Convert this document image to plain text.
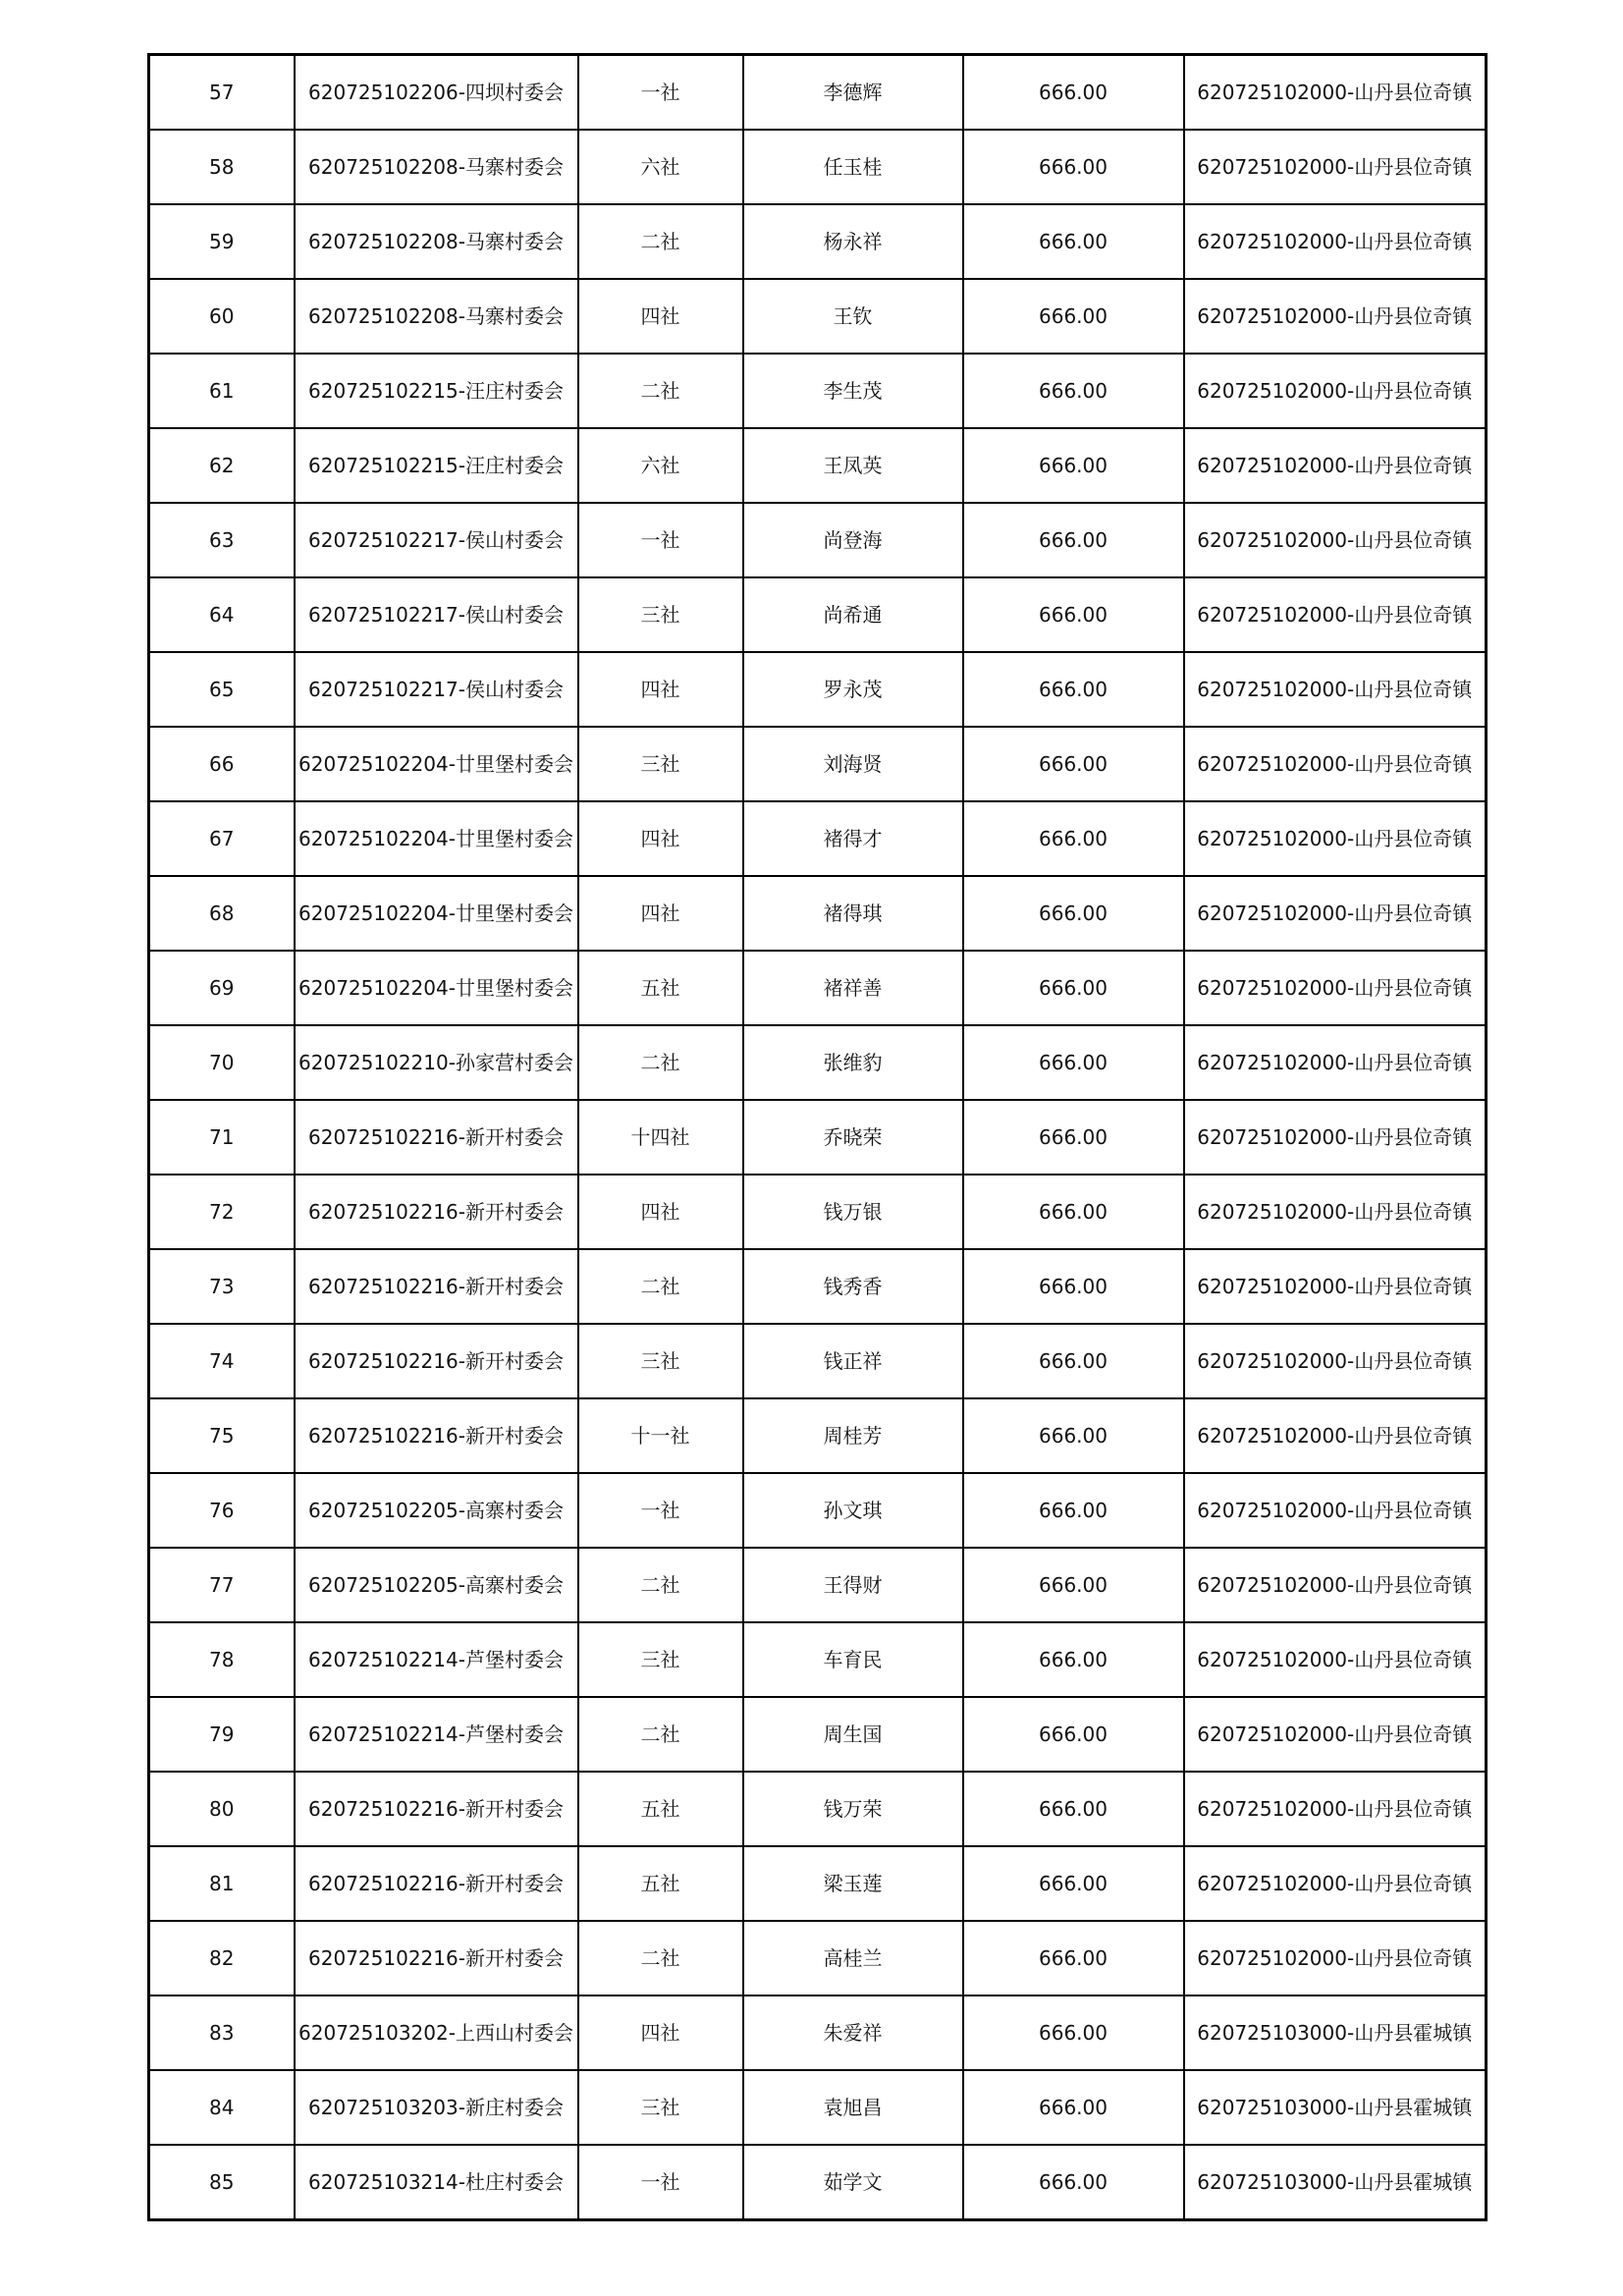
57	620725102206-四坝村委会	一社	李德辉	666.00	620725102000-山丹县位奇镇
58	620725102208-马寨村委会	六社	任玉桂	666.00	620725102000-山丹县位奇镇
59	620725102208-马寨村委会	二社	杨永祥	666.00	620725102000-山丹县位奇镇
60	620725102208-马寨村委会	四社	王钦	666.00	620725102000-山丹县位奇镇
61	620725102215-汪庄村委会	二社	李生茂	666.00	620725102000-山丹县位奇镇
62	620725102215-汪庄村委会	六社	王凤英	666.00	620725102000-山丹县位奇镇
63	620725102217-侯山村委会	一社	尚登海	666.00	620725102000-山丹县位奇镇
64	620725102217-侯山村委会	三社	尚希通	666.00	620725102000-山丹县位奇镇
65	620725102217-侯山村委会	四社	罗永茂	666.00	620725102000-山丹县位奇镇
66	620725102204-廿里堡村委会	三社	刘海贤	666.00	620725102000-山丹县位奇镇
67	620725102204-廿里堡村委会	四社	褚得才	666.00	620725102000-山丹县位奇镇
68	620725102204-廿里堡村委会	四社	褚得琪	666.00	620725102000-山丹县位奇镇
69	620725102204-廿里堡村委会	五社	褚祥善	666.00	620725102000-山丹县位奇镇
70	620725102210-孙家营村委会	二社	张维豹	666.00	620725102000-山丹县位奇镇
71	620725102216-新开村委会	十四社	乔晓荣	666.00	620725102000-山丹县位奇镇
72	620725102216-新开村委会	四社	钱万银	666.00	620725102000-山丹县位奇镇
73	620725102216-新开村委会	二社	钱秀香	666.00	620725102000-山丹县位奇镇
74	620725102216-新开村委会	三社	钱正祥	666.00	620725102000-山丹县位奇镇
75	620725102216-新开村委会	十一社	周桂芳	666.00	620725102000-山丹县位奇镇
76	620725102205-高寨村委会	一社	孙文琪	666.00	620725102000-山丹县位奇镇
77	620725102205-高寨村委会	二社	王得财	666.00	620725102000-山丹县位奇镇
78	620725102214-芦堡村委会	三社	车育民	666.00	620725102000-山丹县位奇镇
79	620725102214-芦堡村委会	二社	周生国	666.00	620725102000-山丹县位奇镇
80	620725102216-新开村委会	五社	钱万荣	666.00	620725102000-山丹县位奇镇
81	620725102216-新开村委会	五社	梁玉莲	666.00	620725102000-山丹县位奇镇
82	620725102216-新开村委会	二社	高桂兰	666.00	620725102000-山丹县位奇镇
83	620725103202-上西山村委会	四社	朱爱祥	666.00	620725103000-山丹县霍城镇
84	620725103203-新庄村委会	三社	袁旭昌	666.00	620725103000-山丹县霍城镇
85	620725103214-杜庄村委会	一社	茹学文	666.00	620725103000-山丹县霍城镇
